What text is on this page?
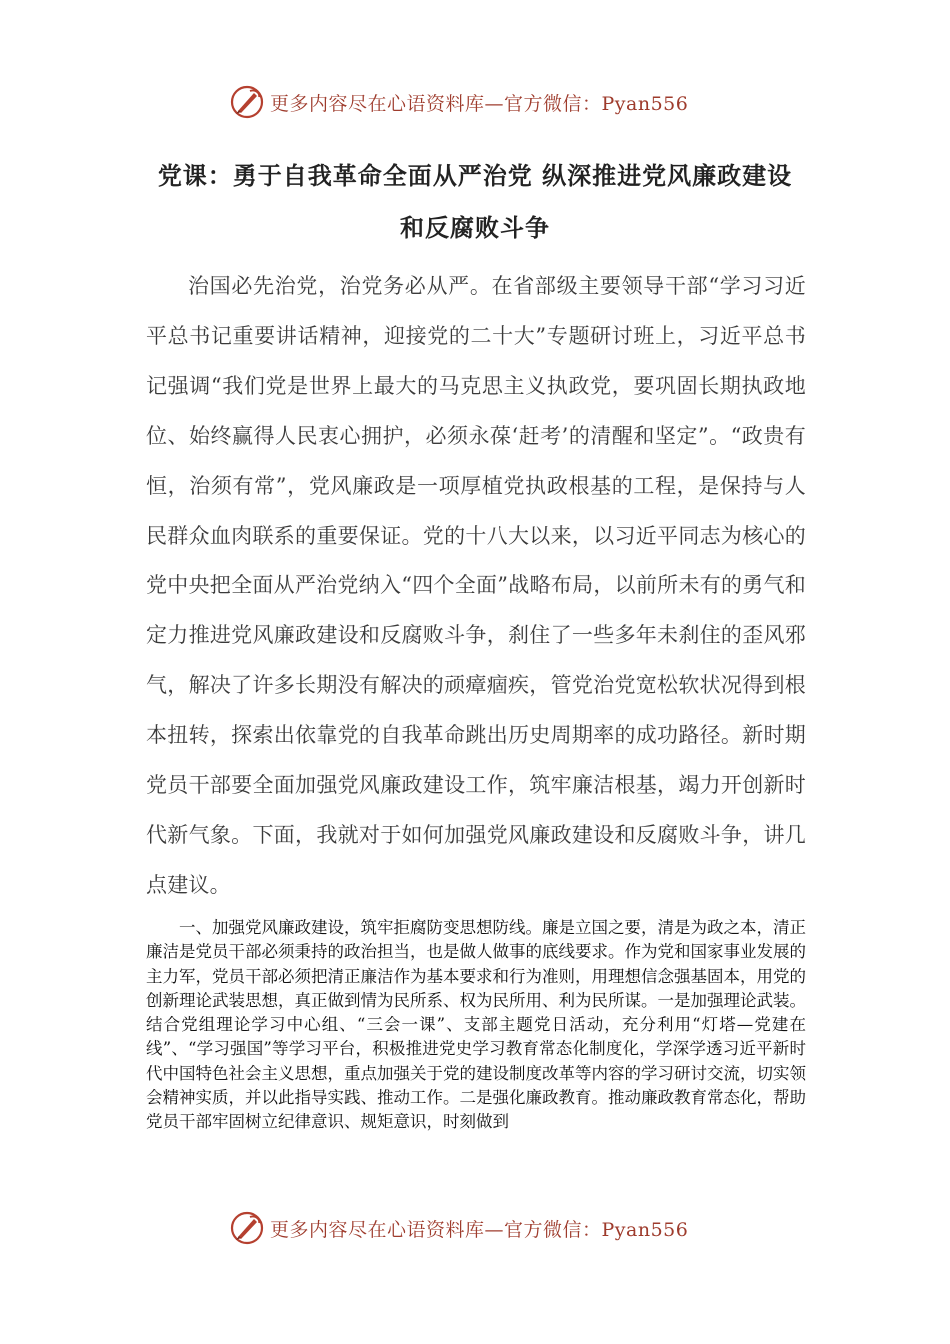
更多内容尽在心语资料库—官方微信：Pyan556
党课：勇于自我革命全面从严治党 纵深推进党风廉政建设
和反腐败斗争

治国必先治党，治党务必从严。在省部级主要领导干部“学习习近平总书记重要讲话精神，迎接党的二十大”专题研讨班上，习近平总书记强调“我们党是世界上最大的马克思主义执政党，要巩固长期执政地位、始终赢得人民衷心拥护，必须永葆‘赶考’的清醒和坚定”。“政贵有恒，治须有常”，党风廉政是一项厚植党执政根基的工程，是保持与人民群众血肉联系的重要保证。党的十八大以来，以习近平同志为核心的党中央把全面从严治党纳入“四个全面”战略布局，以前所未有的勇气和定力推进党风廉政建设和反腐败斗争，刹住了一些多年未刹住的歪风邪气，解决了许多长期没有解决的顽瘴痼疾，管党治党宽松软状况得到根本扭转，探索出依靠党的自我革命跳出历史周期率的成功路径。新时期党员干部要全面加强党风廉政建设工作，筑牢廉洁根基，竭力开创新时代新气象。下面，我就对于如何加强党风廉政建设和反腐败斗争，讲几点建议。

一、加强党风廉政建设，筑牢拒腐防变思想防线。廉是立国之要，清是为政之本，清正廉洁是党员干部必须秉持的政治担当，也是做人做事的底线要求。作为党和国家事业发展的主力军，党员干部必须把清正廉洁作为基本要求和行为准则，用理想信念强基固本，用党的创新理论武装思想，真正做到情为民所系、权为民所用、利为民所谋。一是加强理论武装。结合党组理论学习中心组、“三会一课”、支部主题党日活动，充分利用“灯塔—党建在线”、“学习强国”等学习平台，积极推进党史学习教育常态化制度化，学深学透习近平新时代中国特色社会主义思想，重点加强关于党的建设制度改革等内容的学习研讨交流，切实领会精神实质，并以此指导实践、推动工作。二是强化廉政教育。推动廉政教育常态化，帮助党员干部牢固树立纪律意识、规矩意识，时刻做到

更多内容尽在心语资料库—官方微信：Pyan556
